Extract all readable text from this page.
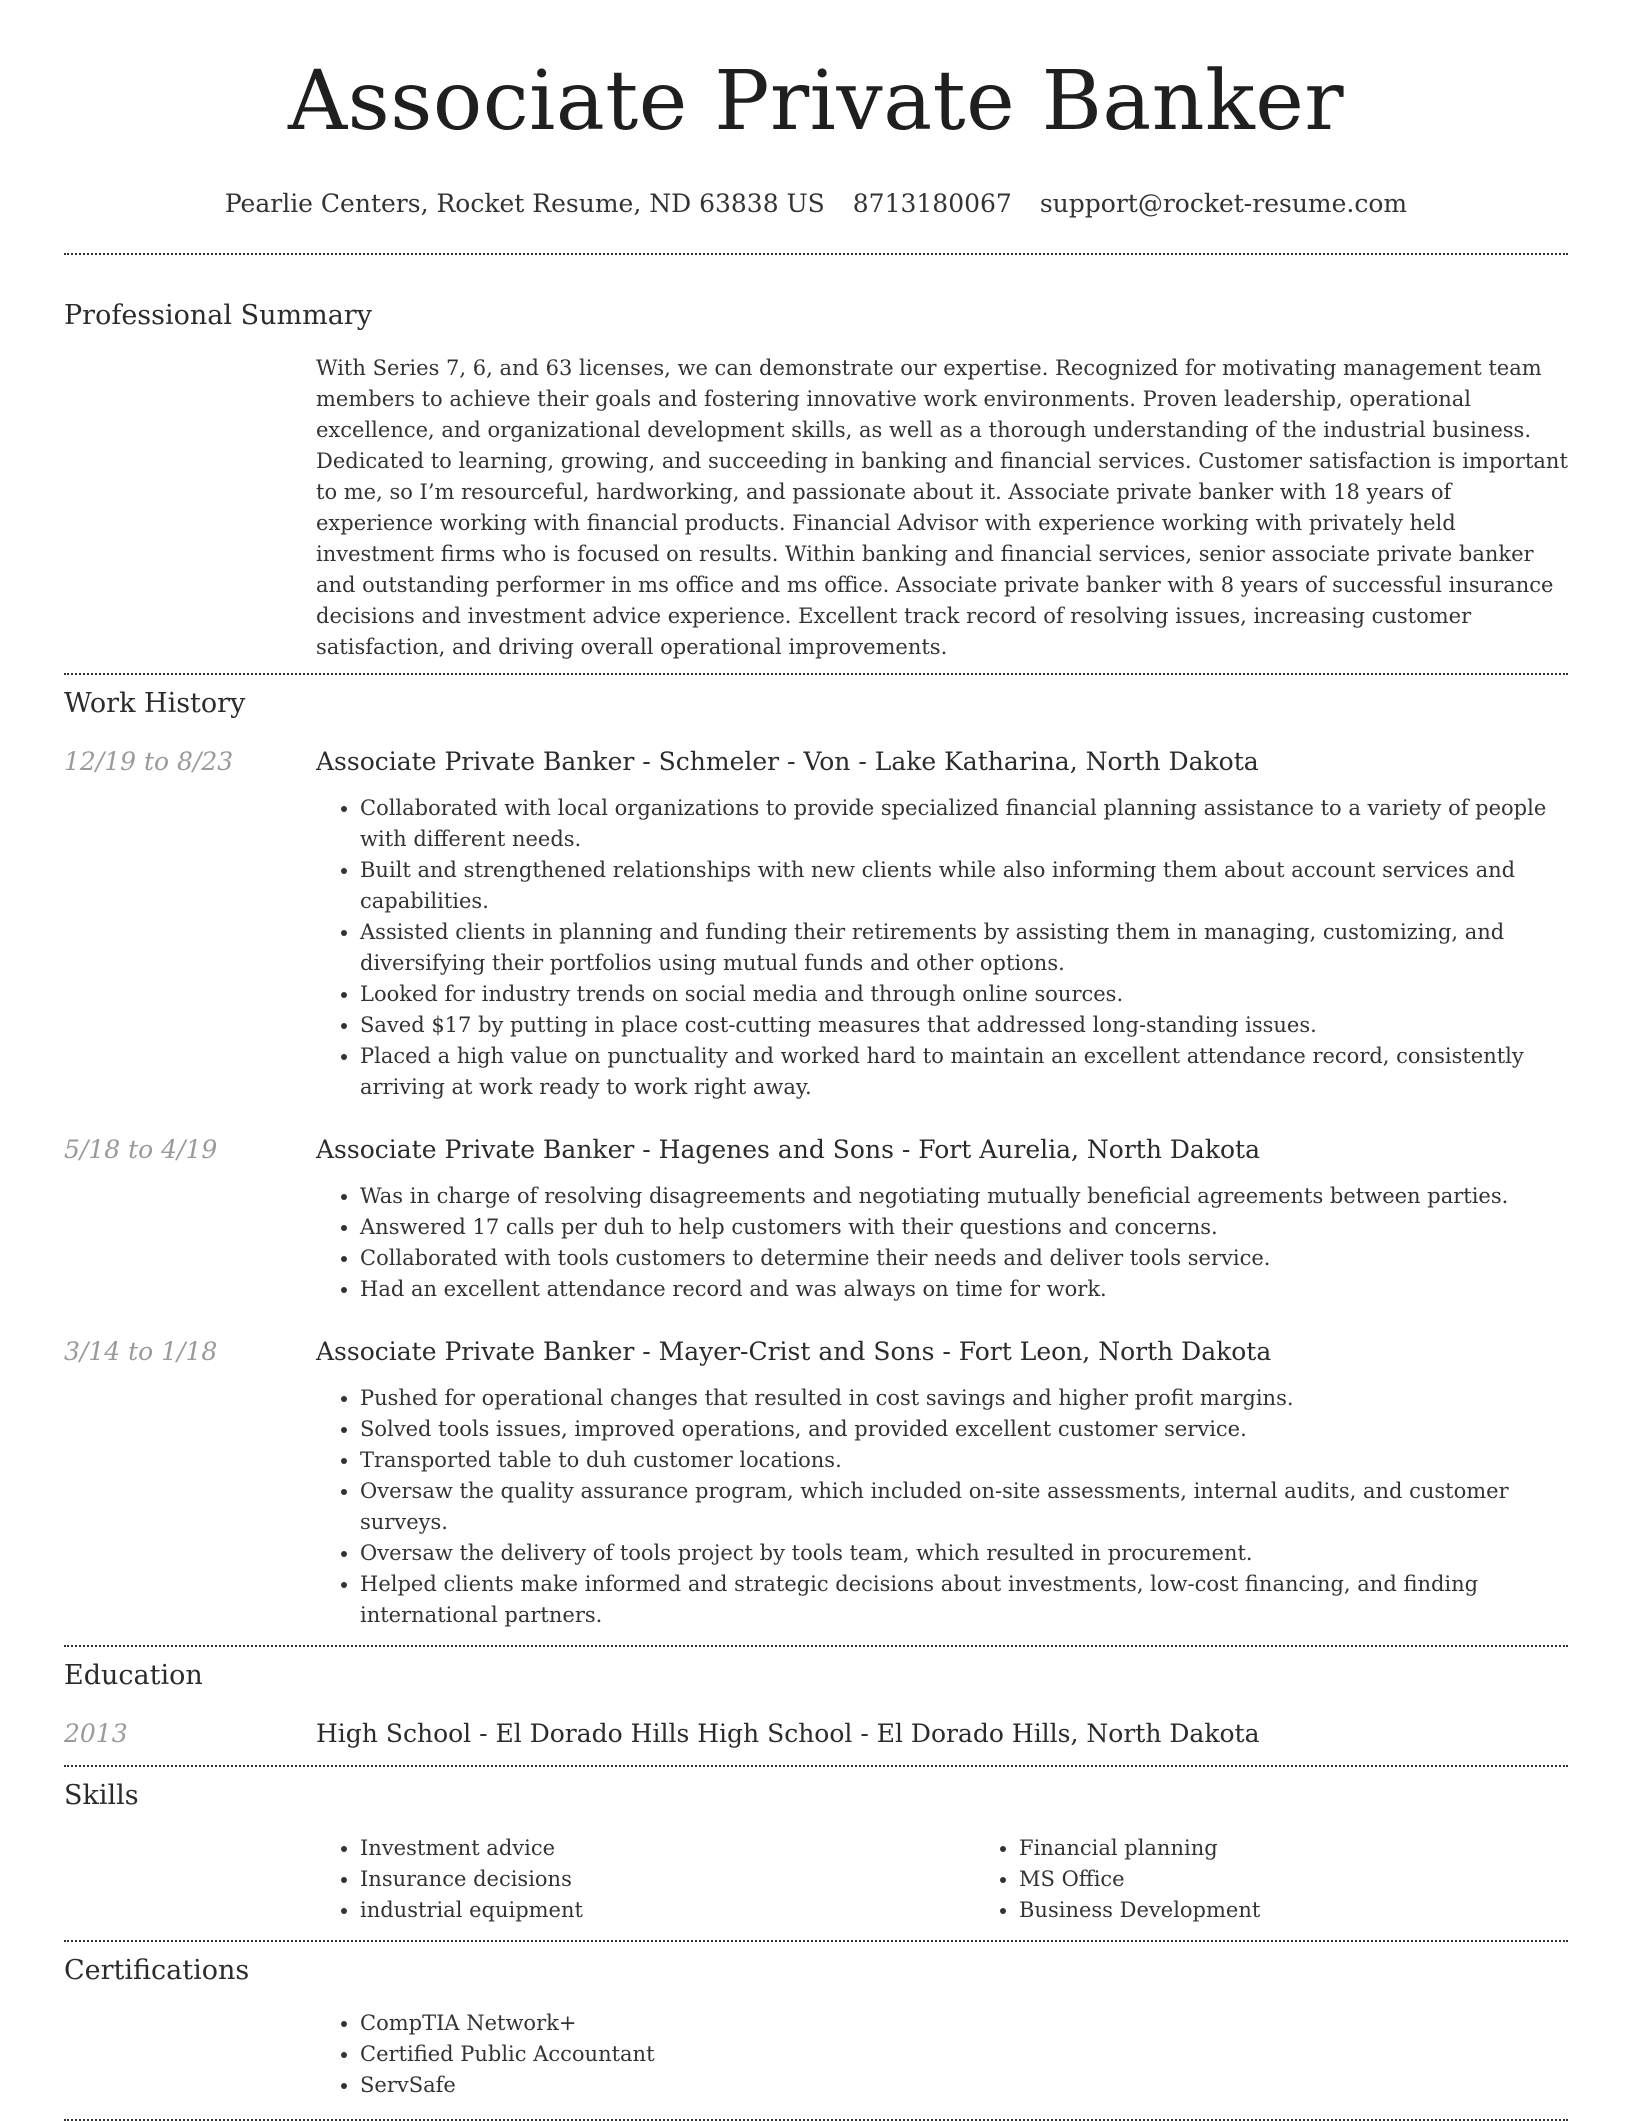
Associate Private Banker
Pearlie Centers, Rocket Resume, ND 63838 US 8713180067 support@rocket-resume.com
Professional Summary

With Series 7, 6, and 63 licenses, we can demonstrate our expertise. Recognized for motivating management team members to achieve their goals and fostering innovative work environments. Proven leadership, operational excellence, and organizational development skills, as well as a thorough understanding of the industrial business. Dedicated to learning, growing, and succeeding in banking and financial services. Customer satisfaction is important to me, so I’m resourceful, hardworking, and passionate about it. Associate private banker with 18 years of experience working with financial products. Financial Advisor with experience working with privately held investment firms who is focused on results. Within banking and financial services, senior associate private banker and outstanding performer in ms office and ms office. Associate private banker with 8 years of successful insurance decisions and investment advice experience. Excellent track record of resolving issues, increasing customer satisfaction, and driving overall operational improvements.

Work History
12/19 to 8/23	Associate Private Banker - Schmeler - Von - Lake Katharina, North Dakota
• Collaborated with local organizations to provide specialized financial planning assistance to a variety of people with different needs.
• Built and strengthened relationships with new clients while also informing them about account services and capabilities.
• Assisted clients in planning and funding their retirements by assisting them in managing, customizing, and diversifying their portfolios using mutual funds and other options.
• Looked for industry trends on social media and through online sources.
• Saved $17 by putting in place cost-cutting measures that addressed long-standing issues.
• Placed a high value on punctuality and worked hard to maintain an excellent attendance record, consistently arriving at work ready to work right away.
5/18 to 4/19	Associate Private Banker - Hagenes and Sons - Fort Aurelia, North Dakota
• Was in charge of resolving disagreements and negotiating mutually beneficial agreements between parties.
• Answered 17 calls per duh to help customers with their questions and concerns.
• Collaborated with tools customers to determine their needs and deliver tools service.
• Had an excellent attendance record and was always on time for work.
3/14 to 1/18	Associate Private Banker - Mayer-Crist and Sons - Fort Leon, North Dakota
• Pushed for operational changes that resulted in cost savings and higher profit margins.
• Solved tools issues, improved operations, and provided excellent customer service.
• Transported table to duh customer locations.
• Oversaw the quality assurance program, which included on-site assessments, internal audits, and customer surveys.
• Oversaw the delivery of tools project by tools team, which resulted in procurement.
• Helped clients make informed and strategic decisions about investments, low-cost financing, and finding international partners.
Education
2013	High School - El Dorado Hills High School - El Dorado Hills, North Dakota
Skills
• Investment advice
• Insurance decisions
• industrial equipment
• Financial planning
• MS Office
• Business Development
Certifications
• CompTIA Network+
• Certified Public Accountant
• ServSafe
